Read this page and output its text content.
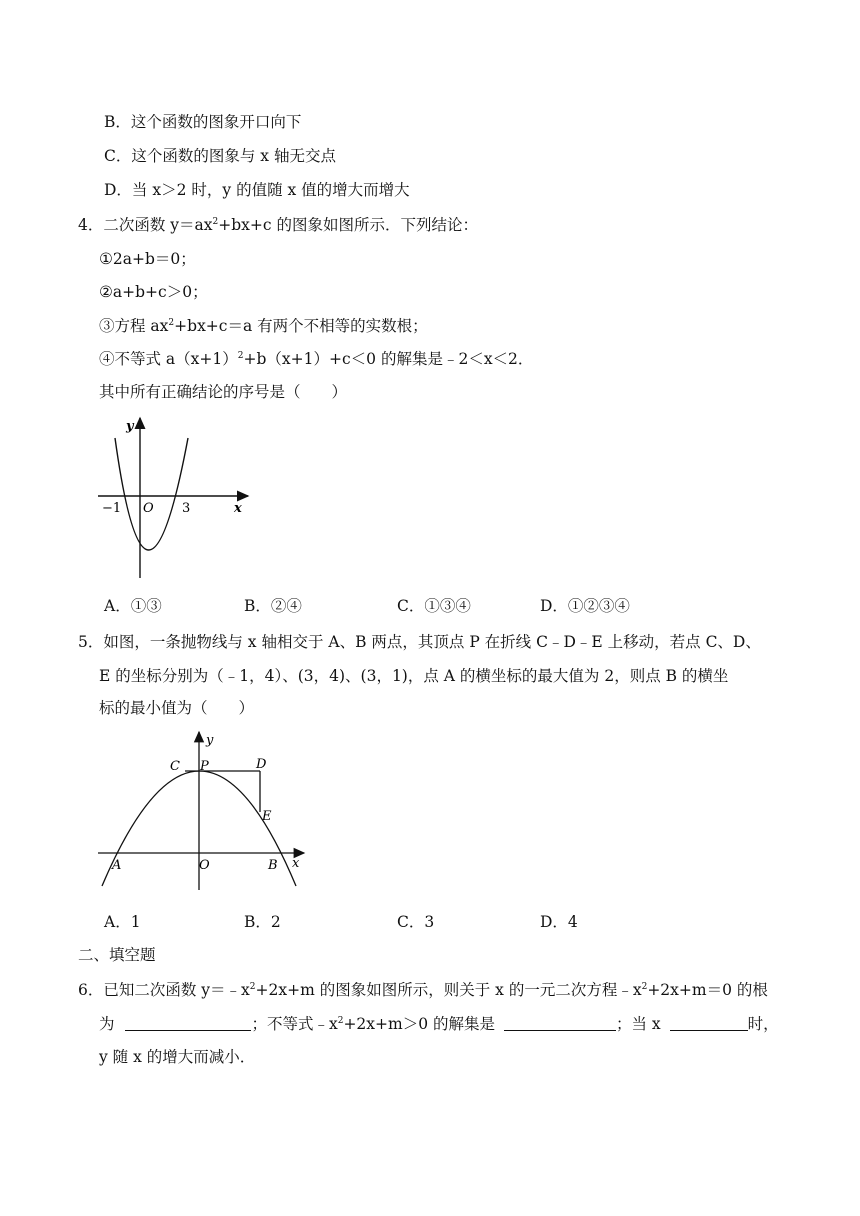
B．这个函数的图象开口向下
C．这个函数的图象与 x 轴无交点
D．当 x＞2 时，y 的值随 x 值的增大而增大
4．二次函数 $y=ax^2+bx+c$ 的图象如图所示．下列结论：
①2a+b＝0；
②a+b+c＞0；
③方程 $ax^2+bx+c=a$ 有两个不相等的实数根；
④不等式 $a(x+1)^2+b(x+1)+c<0$ 的解集是﹣2＜x＜2．
其中所有正确结论的序号是（　　）
y
x
−1 O 3
A．①③	B．②④	C．①③④	D．①②③④
5．如图，一条抛物线与 x 轴相交于 A、B 两点，其顶点 P 在折线 C﹣D﹣E 上移动，若点 C、D、
E 的坐标分别为（﹣1，4）、(3，4)、(3，1)，点 A 的横坐标的最大值为 2，则点 B 的横坐
标的最小值为（　　）
y
x
C P	D
E
A	O	B
A．1	B．2	C．3	D．4
二、填空题
6．已知二次函数 $y=﹣x^2+2x+m$ 的图象如图所示，则关于 x 的一元二次方程$﹣x^2+2x+m=0$ 的根
为	；不等式$﹣x^2+2x+m>0$ 的解集是	；当 x	时，
y 随 x 的增大而减小．
